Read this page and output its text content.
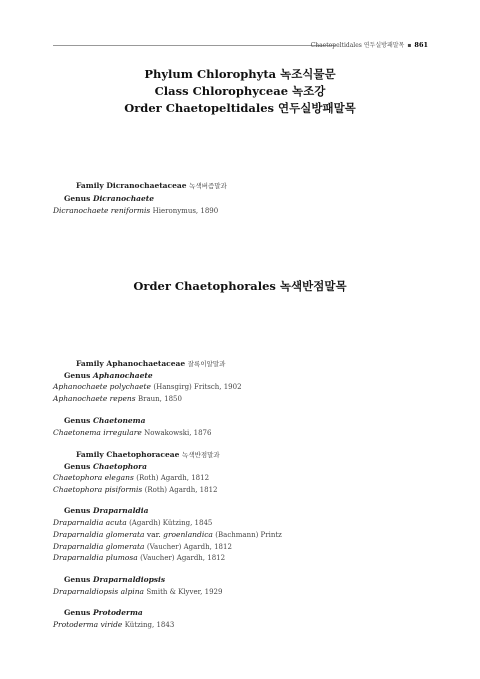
Chaetopeltidales 연두실방패말목 ▪ 861
Phylum Chlorophyta 녹조식물문
Class Chlorophyceae 녹조강
Order Chaetopeltidales 연두실방패말목
Family Dicranochaetaceae 녹색버즘말과
Genus Dicranochaete
Dicranochaete reniformis Hieronymus, 1890
Order Chaetophorales 녹색반점말목
Family Aphanochaetaceae 잘록이알말과
Genus Aphanochaete
Aphanochaete polychaete (Hansgirg) Fritsch, 1902
Aphanochaete repens Braun, 1850
Genus Chaetonema
Chaetonema irregulare Nowakowski, 1876
Family Chaetophoraceae 녹색반점말과
Genus Chaetophora
Chaetophora elegans (Roth) Agardh, 1812
Chaetophora pisiformis (Roth) Agardh, 1812
Genus Draparnaldia
Draparnaldia acuta (Agardh) Kützing, 1845
Draparnaldia glomerata var. groenlandica (Bachmann) Printz
Draparnaldia glomerata (Vaucher) Agardh, 1812
Draparnaldia plumosa (Vaucher) Agardh, 1812
Genus Draparnaldiopsis
Draparnaldiopsis alpina Smith & Klyver, 1929
Genus Protoderma
Protoderma viride Kützing, 1843
